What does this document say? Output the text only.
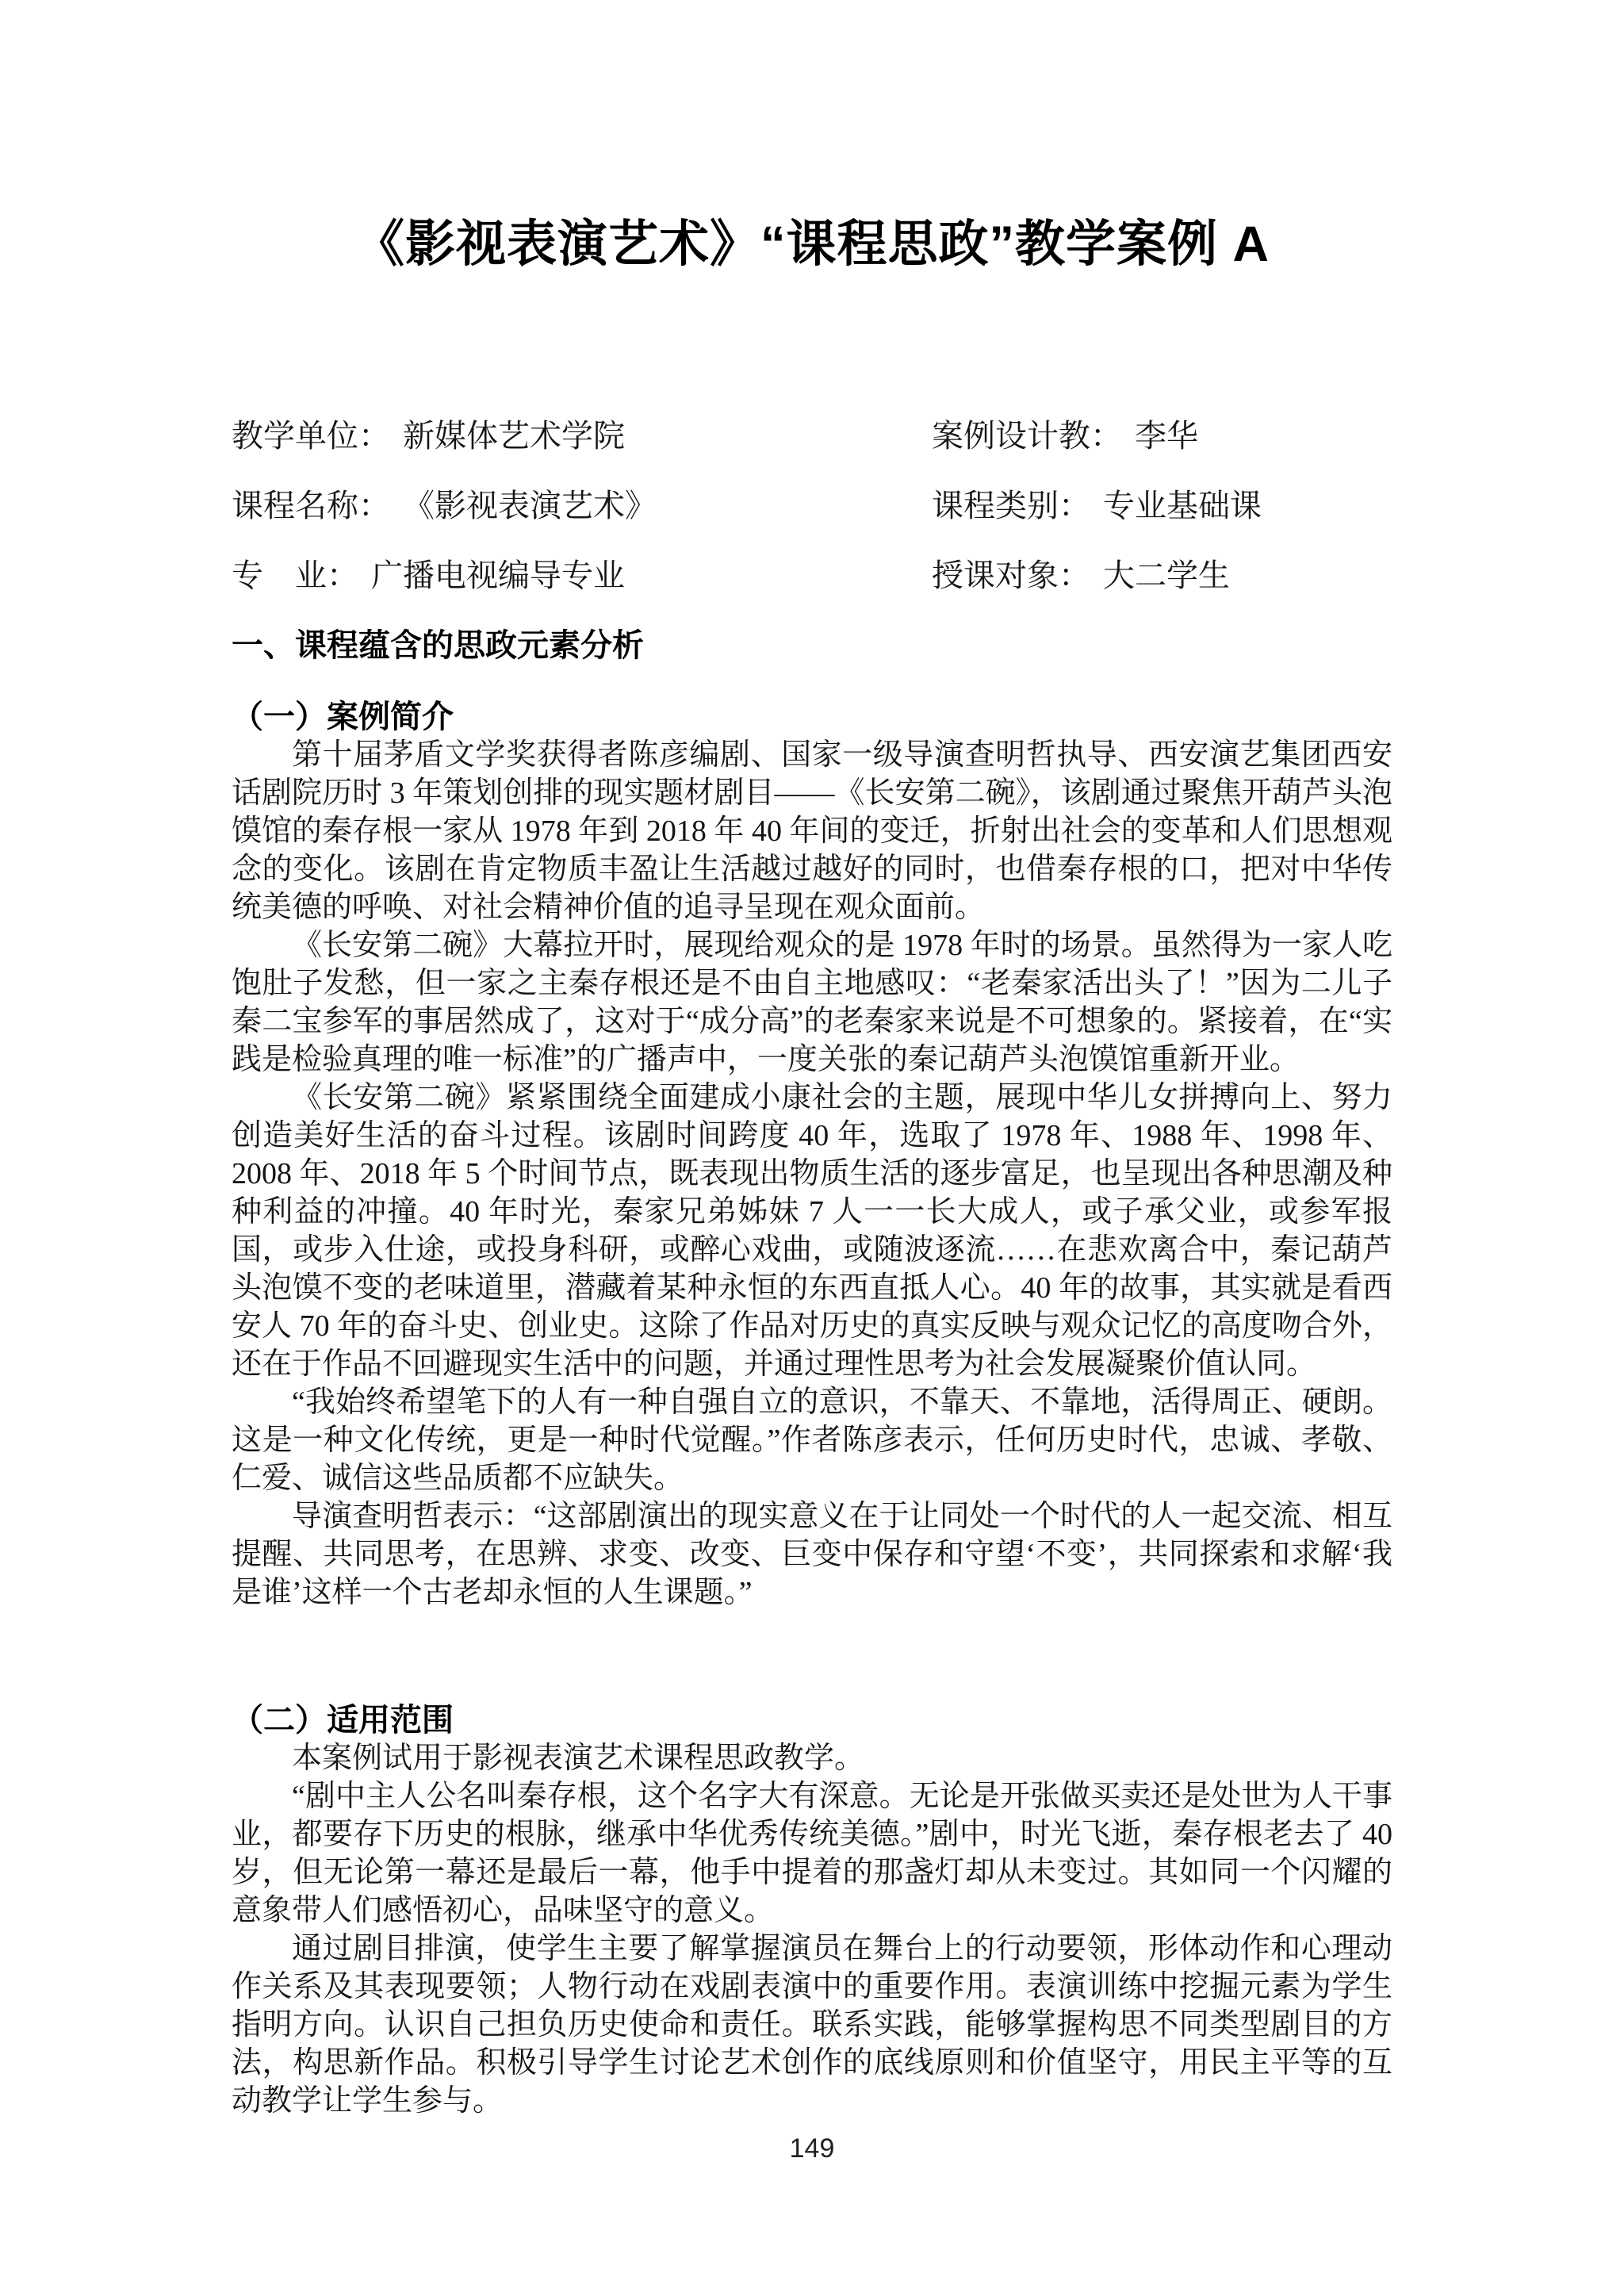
《影视表演艺术》“课程思政”教学案例 A
教学单位： 新媒体艺术学院	案例设计教： 李华
课程名称： 《影视表演艺术》	课程类别： 专业基础课
专　业： 广播电视编导专业	授课对象： 大二学生
一、课程蕴含的思政元素分析
（一）案例简介

第十届茅盾文学奖获得者陈彦编剧、国家一级导演查明哲执导、西安演艺集团西安话剧院历时 3 年策划创排的现实题材剧目——《长安第二碗》，该剧通过聚焦开葫芦头泡馍馆的秦存根一家从 1978 年到 2018 年 40 年间的变迁，折射出社会的变革和人们思想观念的变化。该剧在肯定物质丰盈让生活越过越好的同时，也借秦存根的口，把对中华传统美德的呼唤、对社会精神价值的追寻呈现在观众面前。

《长安第二碗》大幕拉开时，展现给观众的是 1978 年时的场景。虽然得为一家人吃饱肚子发愁，但一家之主秦存根还是不由自主地感叹：“老秦家活出头了！”因为二儿子秦二宝参军的事居然成了，这对于“成分高”的老秦家来说是不可想象的。紧接着，在“实践是检验真理的唯一标准”的广播声中，一度关张的秦记葫芦头泡馍馆重新开业。

《长安第二碗》紧紧围绕全面建成小康社会的主题，展现中华儿女拼搏向上、努力创造美好生活的奋斗过程。该剧时间跨度 40 年，选取了 1978 年、1988 年、1998 年、2008 年、2018 年 5 个时间节点，既表现出物质生活的逐步富足，也呈现出各种思潮及种种利益的冲撞。40 年时光，秦家兄弟姊妹 7 人一一长大成人，或子承父业，或参军报国，或步入仕途，或投身科研，或醉心戏曲，或随波逐流……在悲欢离合中，秦记葫芦头泡馍不变的老味道里，潜藏着某种永恒的东西直抵人心。40 年的故事，其实就是看西安人 70 年的奋斗史、创业史。这除了作品对历史的真实反映与观众记忆的高度吻合外，还在于作品不回避现实生活中的问题，并通过理性思考为社会发展凝聚价值认同。

“我始终希望笔下的人有一种自强自立的意识，不靠天、不靠地，活得周正、硬朗。这是一种文化传统，更是一种时代觉醒。”作者陈彦表示，任何历史时代，忠诚、孝敬、仁爱、诚信这些品质都不应缺失。

导演查明哲表示：“这部剧演出的现实意义在于让同处一个时代的人一起交流、相互提醒、共同思考，在思辨、求变、改变、巨变中保存和守望‘不变’，共同探索和求解‘我是谁’这样一个古老却永恒的人生课题。”

（二）适用范围

本案例试用于影视表演艺术课程思政教学。

“剧中主人公名叫秦存根，这个名字大有深意。无论是开张做买卖还是处世为人干事业，都要存下历史的根脉，继承中华优秀传统美德。”剧中，时光飞逝，秦存根老去了 40 岁，但无论第一幕还是最后一幕，他手中提着的那盏灯却从未变过。其如同一个闪耀的意象带人们感悟初心，品味坚守的意义。

通过剧目排演，使学生主要了解掌握演员在舞台上的行动要领，形体动作和心理动作关系及其表现要领；人物行动在戏剧表演中的重要作用。表演训练中挖掘元素为学生指明方向。认识自己担负历史使命和责任。联系实践，能够掌握构思不同类型剧目的方法，构思新作品。积极引导学生讨论艺术创作的底线原则和价值坚守，用民主平等的互动教学让学生参与。

149
